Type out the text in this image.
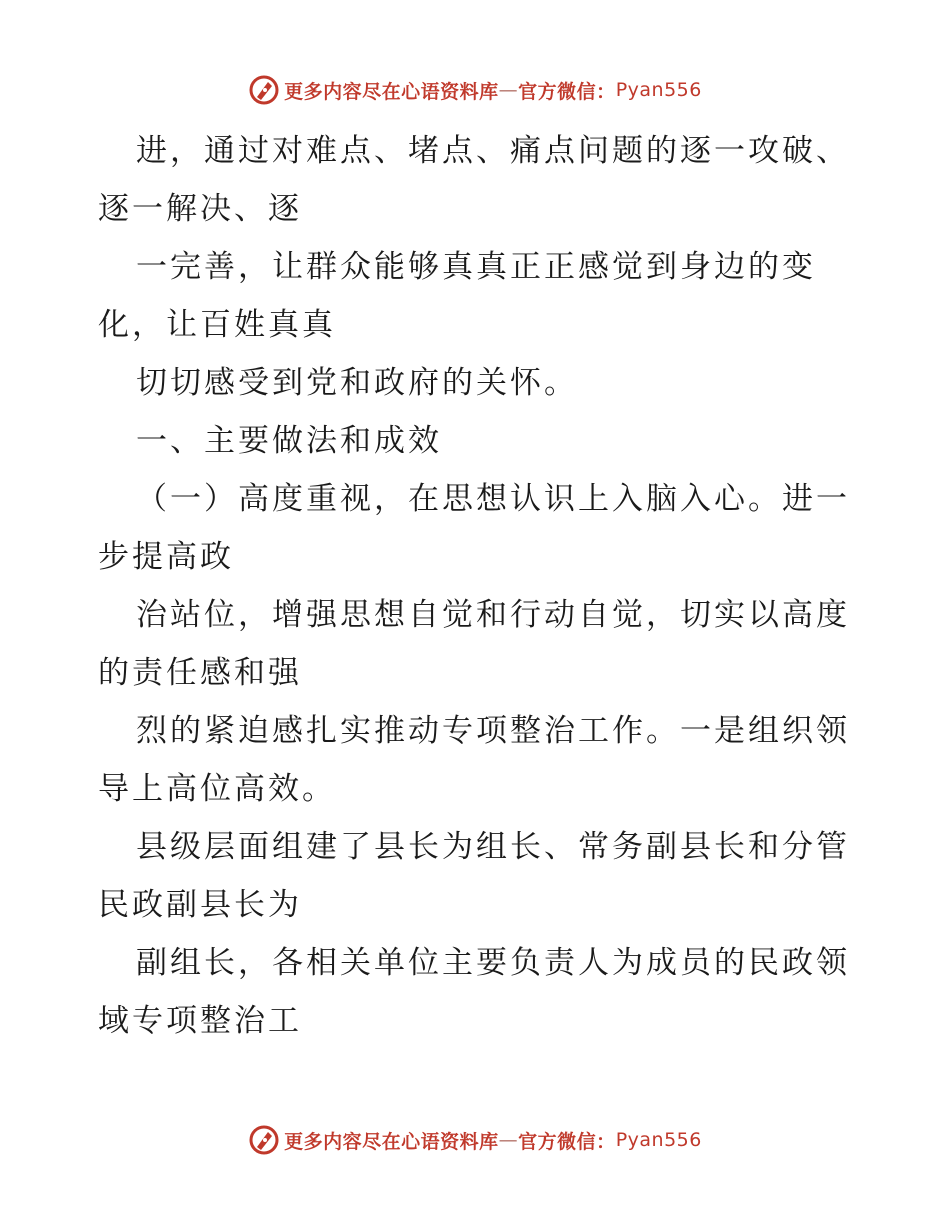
更多内容尽在心语资料库 — 官方微信： Pyan556
进，通过对难点、堵点、痛点问题的逐一攻破、
逐一解决、逐
一完善，让群众能够真真正正感觉到身边的变
化，让百姓真真
切切感受到党和政府的关怀。
一、主要做法和成效
（一）高度重视，在思想认识上入脑入心。进一
步提高政
治站位，增强思想自觉和行动自觉，切实以高度
的责任感和强
烈的紧迫感扎实推动专项整治工作。一是组织领
导上高位高效。
县级层面组建了县长为组长、常务副县长和分管
民政副县长为
副组长，各相关单位主要负责人为成员的民政领
域专项整治工
更多内容尽在心语资料库 — 官方微信： Pyan556
